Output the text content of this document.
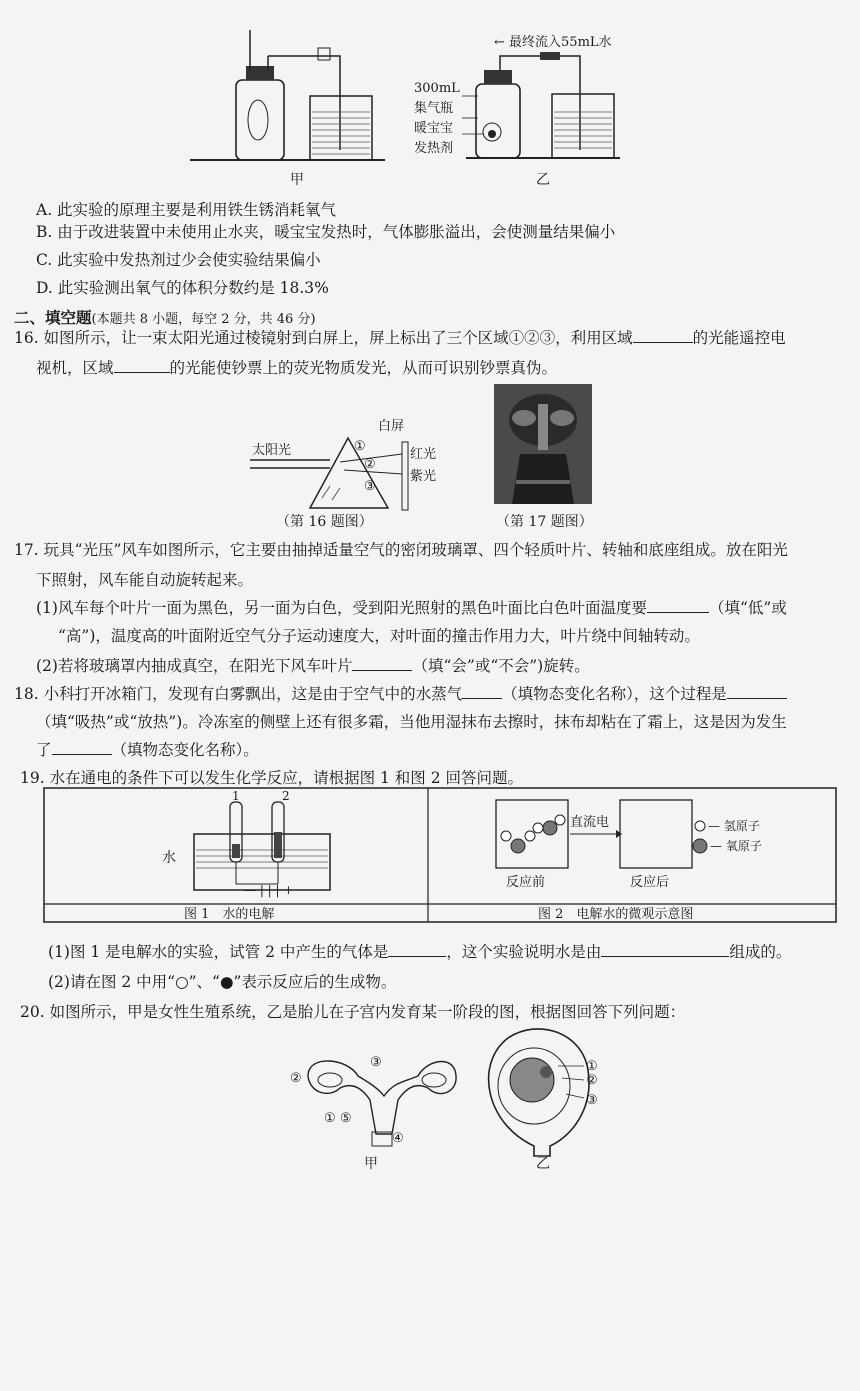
甲	乙
← 最终流入55mL水
300mL
集气瓶
暖宝宝
发热剂
A. 此实验的原理主要是利用铁生锈消耗氧气
B. 由于改进装置中未使用止水夹，暖宝宝发热时，气体膨胀溢出，会使测量结果偏小
C. 此实验中发热剂过少会使实验结果偏小
D. 此实验测出氧气的体积分数约是 18.3%
二、填空题(本题共 8 小题，每空 2 分，共 46 分)
16. 如图所示，让一束太阳光通过棱镜射到白屏上，屏上标出了三个区域①②③，利用区域	的光能遥控电
视机，区域	的光能使钞票上的荧光物质发光，从而可识别钞票真伪。
太阳光
白屏
红光
紫光
①
②
③
（第 16 题图）	（第 17 题图）
17. 玩具“光压”风车如图所示，它主要由抽掉适量空气的密闭玻璃罩、四个轻质叶片、转轴和底座组成。放在阳光
下照射，风车能自动旋转起来。
(1)风车每个叶片一面为黑色，另一面为白色，受到阳光照射的黑色叶面比白色叶面温度要	（填“低”或
“高”)，温度高的叶面附近空气分子运动速度大，对叶面的撞击作用力大，叶片绕中间轴转动。
(2)若将玻璃罩内抽成真空，在阳光下风车叶片	（填“会”或“不会”)旋转。
18. 小科打开冰箱门，发现有白雾飘出，这是由于空气中的水蒸气	（填物态变化名称），这个过程是
（填“吸热”或“放热”)。冷冻室的侧壁上还有很多霜，当他用湿抹布去擦时，抹布却粘在了霜上，这是因为发生
了	（填物态变化名称）。
19. 水在通电的条件下可以发生化学反应，请根据图 1 和图 2 回答问题。
— | | | +
1	2
水
直流电
反应前	反应后
— 氢原子
— 氧原子
图 1　水的电解	图 2　电解水的微观示意图
(1)图 1 是电解水的实验，试管 2 中产生的气体是	，这个实验说明水是由	组成的。
(2)请在图 2 中用“○”、“●”表示反应后的生成物。
20. 如图所示，甲是女性生殖系统，乙是胎儿在子宫内发育某一阶段的图，根据图回答下列问题：
②
③
① ⑤
④
甲
①
②
③
乙
